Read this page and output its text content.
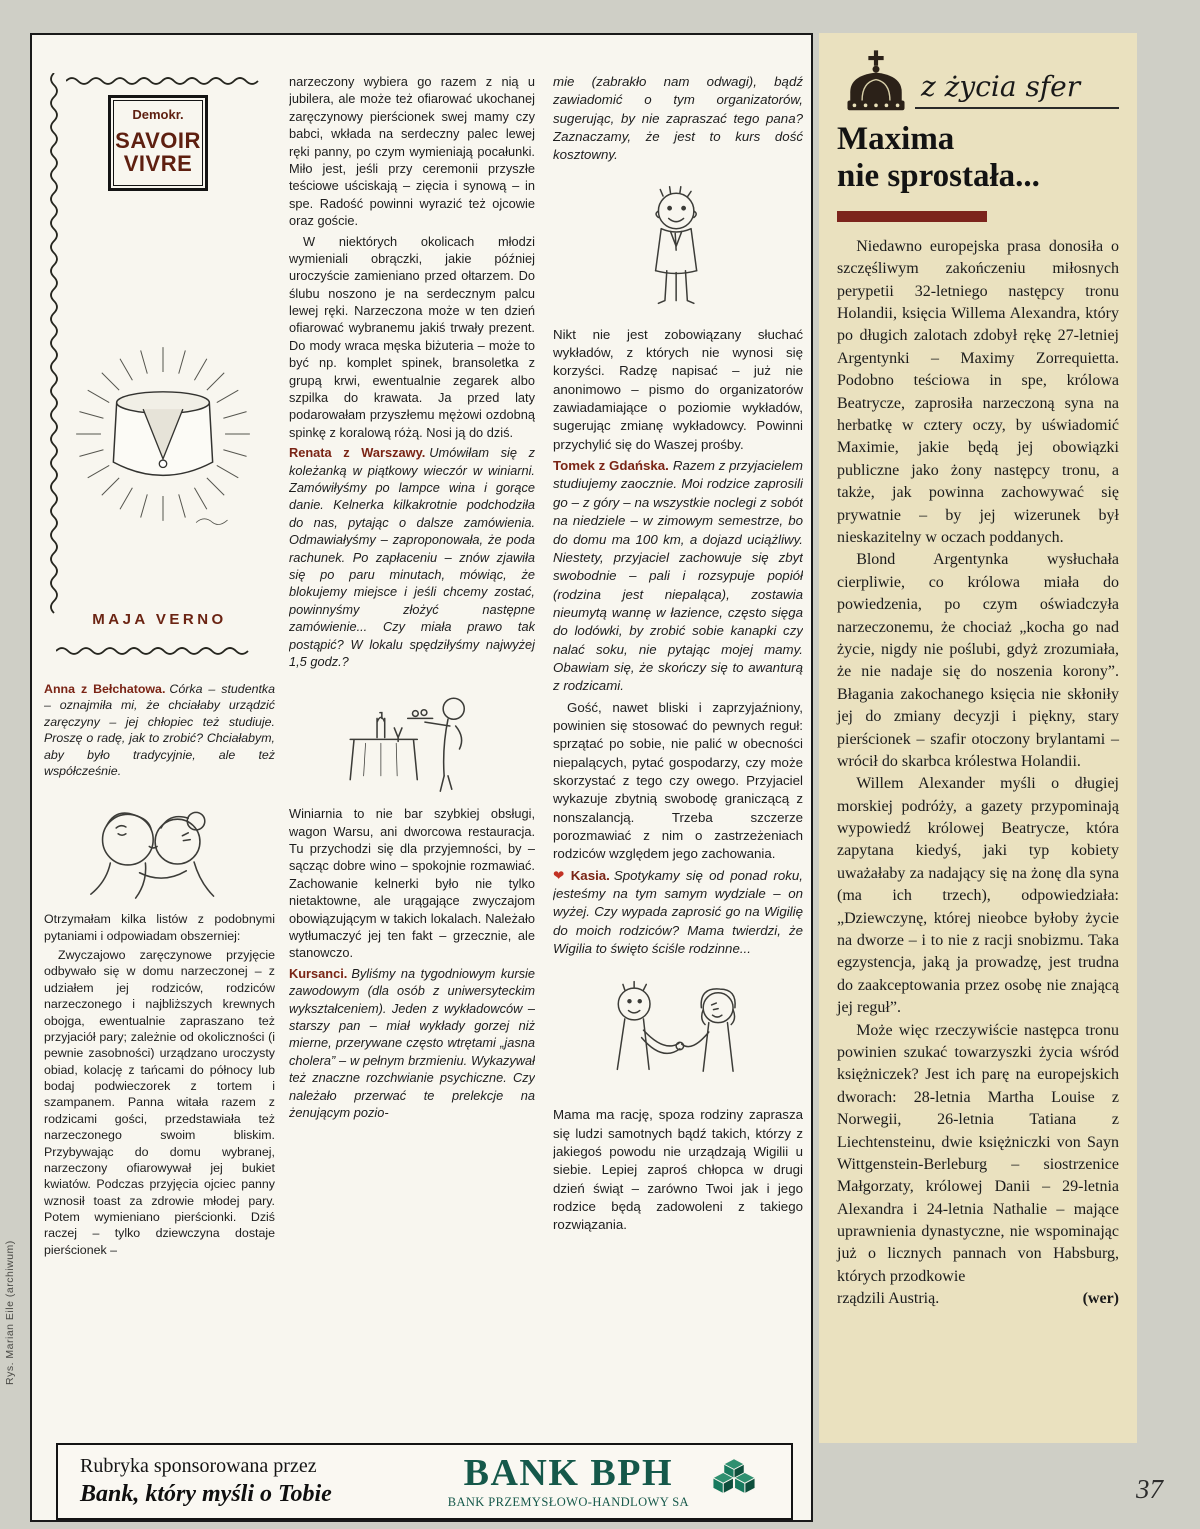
Rys. Marian Eile (archiwum)
Demokr.
SAVOIR
VIVRE
MAJA VERNO

Anna z Bełchatowa. Córka – studentka – oznajmiła mi, że chciałaby urządzić zaręczyny – jej chłopiec też studiuje. Proszę o radę, jak to zrobić? Chciałabym, aby było tradycyjnie, ale też współcześnie.

Otrzymałam kilka listów z podobnymi pytaniami i odpowiadam obszerniej:

Zwyczajowo zaręczynowe przyjęcie odbywało się w domu narzeczonej – z udziałem jej rodziców, rodziców narzeczonego i najbliższych krewnych obojga, ewentualnie zapraszano też przyjaciół pary; zależnie od okoliczności (i pewnie zasobności) urządzano uroczysty obiad, kolację z tańcami do północy lub bodaj podwieczorek z tortem i szampanem. Panna witała razem z rodzicami gości, przedstawiała też narzeczonego swoim bliskim. Przybywając do domu wybranej, narzeczony ofiarowywał jej bukiet kwiatów. Podczas przyjęcia ojciec panny wznosił toast za zdrowie młodej pary. Potem wymieniano pierścionki. Dziś raczej – tylko dziewczyna dostaje pierścionek –

narzeczony wybiera go razem z nią u jubilera, ale może też ofiarować ukochanej zaręczynowy pierścionek swej mamy czy babci, wkłada na serdeczny palec lewej ręki panny, po czym wymieniają pocałunki. Miło jest, jeśli przy ceremonii przyszłe teściowe uściskają – zięcia i synową – in spe. Radość powinni wyrazić też ojcowie oraz goście.

W niektórych okolicach młodzi wymieniali obrączki, jakie później uroczyście zamieniano przed ołtarzem. Do ślubu noszono je na serdecznym palcu lewej ręki. Narzeczona może w ten dzień ofiarować wybranemu jakiś trwały prezent. Do mody wraca męska biżuteria – może to być np. komplet spinek, bransoletka z grupą krwi, ewentualnie zegarek albo szpilka do krawata. Ja przed laty podarowałam przyszłemu mężowi ozdobną spinkę z koralową różą. Nosi ją do dziś.

Renata z Warszawy. Umówiłam się z koleżanką w piątkowy wieczór w winiarni. Zamówiłyśmy po lampce wina i gorące danie. Kelnerka kilkakrotnie podchodziła do nas, pytając o dalsze zamówienia. Odmawiałyśmy – zaproponowała, że poda rachunek. Po zapłaceniu – znów zjawiła się po paru minutach, mówiąc, że blokujemy miejsce i jeśli chcemy zostać, powinnyśmy złożyć następne zamówienie... Czy miała prawo tak postąpić? W lokalu spędziłyśmy najwyżej 1,5 godz.?

Winiarnia to nie bar szybkiej obsługi, wagon Warsu, ani dworcowa restauracja. Tu przychodzi się dla przyjemności, by – sącząc dobre wino – spokojnie rozmawiać. Zachowanie kelnerki było nie tylko nietaktowne, ale urągające zwyczajom obowiązującym w takich lokalach. Należało wytłumaczyć jej ten fakt – grzecznie, ale stanowczo.

Kursanci. Byliśmy na tygodniowym kursie zawodowym (dla osób z uniwersyteckim wykształceniem). Jeden z wykładowców – starszy pan – miał wykłady gorzej niż mierne, przerywane często wtrętami „jasna cholera” – w pełnym brzmieniu. Wykazywał też znaczne rozchwianie psychiczne. Czy należało przerwać te prelekcje na żenującym pozio-

mie (zabrakło nam odwagi), bądź zawiadomić o tym organizatorów, sugerując, by nie zapraszać tego pana? Zaznaczamy, że jest to kurs dość kosztowny.

Nikt nie jest zobowiązany słuchać wykładów, z których nie wynosi się korzyści. Radzę napisać – już nie anonimowo – pismo do organizatorów zawiadamiające o poziomie wykładów, sugerując zmianę wykładowcy. Powinni przychylić się do Waszej prośby.

Tomek z Gdańska. Razem z przyjacielem studiujemy zaocznie. Moi rodzice zaprosili go – z góry – na wszystkie noclegi z sobót na niedziele – w zimowym semestrze, bo do domu ma 100 km, a dojazd uciążliwy. Niestety, przyjaciel zachowuje się zbyt swobodnie – pali i rozsypuje popiół (rodzina jest niepaląca), zostawia nieumytą wannę w łazience, często sięga do lodówki, by zrobić sobie kanapki czy nalać soku, nie pytając mojej mamy. Obawiam się, że skończy się to awanturą z rodzicami.

Gość, nawet bliski i zaprzyjaźniony, powinien się stosować do pewnych reguł: sprzątać po sobie, nie palić w obecności niepalących, pytać gospodarzy, czy może skorzystać z tego czy owego. Przyjaciel wykazuje zbytnią swobodę graniczącą z nonszalancją. Trzeba szczerze porozmawiać z nim o zastrzeżeniach rodziców względem jego zachowania.

❤ Kasia. Spotykamy się od ponad roku, jesteśmy na tym samym wydziale – on wyżej. Czy wypada zaprosić go na Wigilię do moich rodziców? Mama twierdzi, że Wigilia to święto ściśle rodzinne...

Mama ma rację, spoza rodziny zaprasza się ludzi samotnych bądź takich, którzy z jakiegoś powodu nie urządzają Wigilii u siebie. Lepiej zaproś chłopca w drugi dzień świąt – zarówno Twoi jak i jego rodzice będą zadowoleni z takiego rozwiązania.

Rubryka sponsorowana przez
Bank, który myśli o Tobie
BANK BPH
BANK PRZEMYSŁOWO-HANDLOWY SA
z życia sfer
Maxima
nie sprostała...

Niedawno europejska prasa donosiła o szczęśliwym zakończeniu miłosnych perypetii 32-letniego następcy tronu Holandii, księcia Willema Alexandra, który po długich zalotach zdobył rękę 27-letniej Argentynki – Maximy Zorrequietta. Podobno teściowa in spe, królowa Beatrycze, zaprosiła narzeczoną syna na herbatkę w cztery oczy, by uświadomić Maximie, jakie będą jej obowiązki publiczne jako żony następcy tronu, a także, jak powinna zachowywać się prywatnie – by jej wizerunek był nieskazitelny w oczach poddanych.

Blond Argentynka wysłuchała cierpliwie, co królowa miała do powiedzenia, po czym oświadczyła narzeczonemu, że chociaż „kocha go nad życie, nigdy nie poślubi, gdyż zrozumiała, że nie nadaje się do noszenia korony”. Błagania zakochanego księcia nie skłoniły jej do zmiany decyzji i piękny, stary pierścionek – szafir otoczony brylantami – wrócił do skarbca królestwa Holandii.

Willem Alexander myśli o długiej morskiej podróży, a gazety przypominają wypowiedź królowej Beatrycze, która zapytana kiedyś, jaki typ kobiety uważałaby za nadający się na żonę dla syna (ma ich trzech), odpowiedziała: „Dziewczynę, której nieobce byłoby życie na dworze – i to nie z racji snobizmu. Taka egzystencja, jaką ja prowadzę, jest trudna do zaakceptowania przez osobę nie znającą jej reguł”.

Może więc rzeczywiście następca tronu powinien szukać towarzyszki życia wśród księżniczek? Jest ich parę na europejskich dworach: 28-letnia Martha Louise z Norwegii, 26-letnia Tatiana z Liechtensteinu, dwie księżniczki von Sayn Wittgenstein-Berleburg – siostrzenice Małgorzaty, królowej Danii – 29-letnia Alexandra i 24-letnia Nathalie – mające uprawnienia dynastyczne, nie wspominając już o licznych pannach von Habsburg, których przodkowie

rządzili Austrią.	(wer)
37
